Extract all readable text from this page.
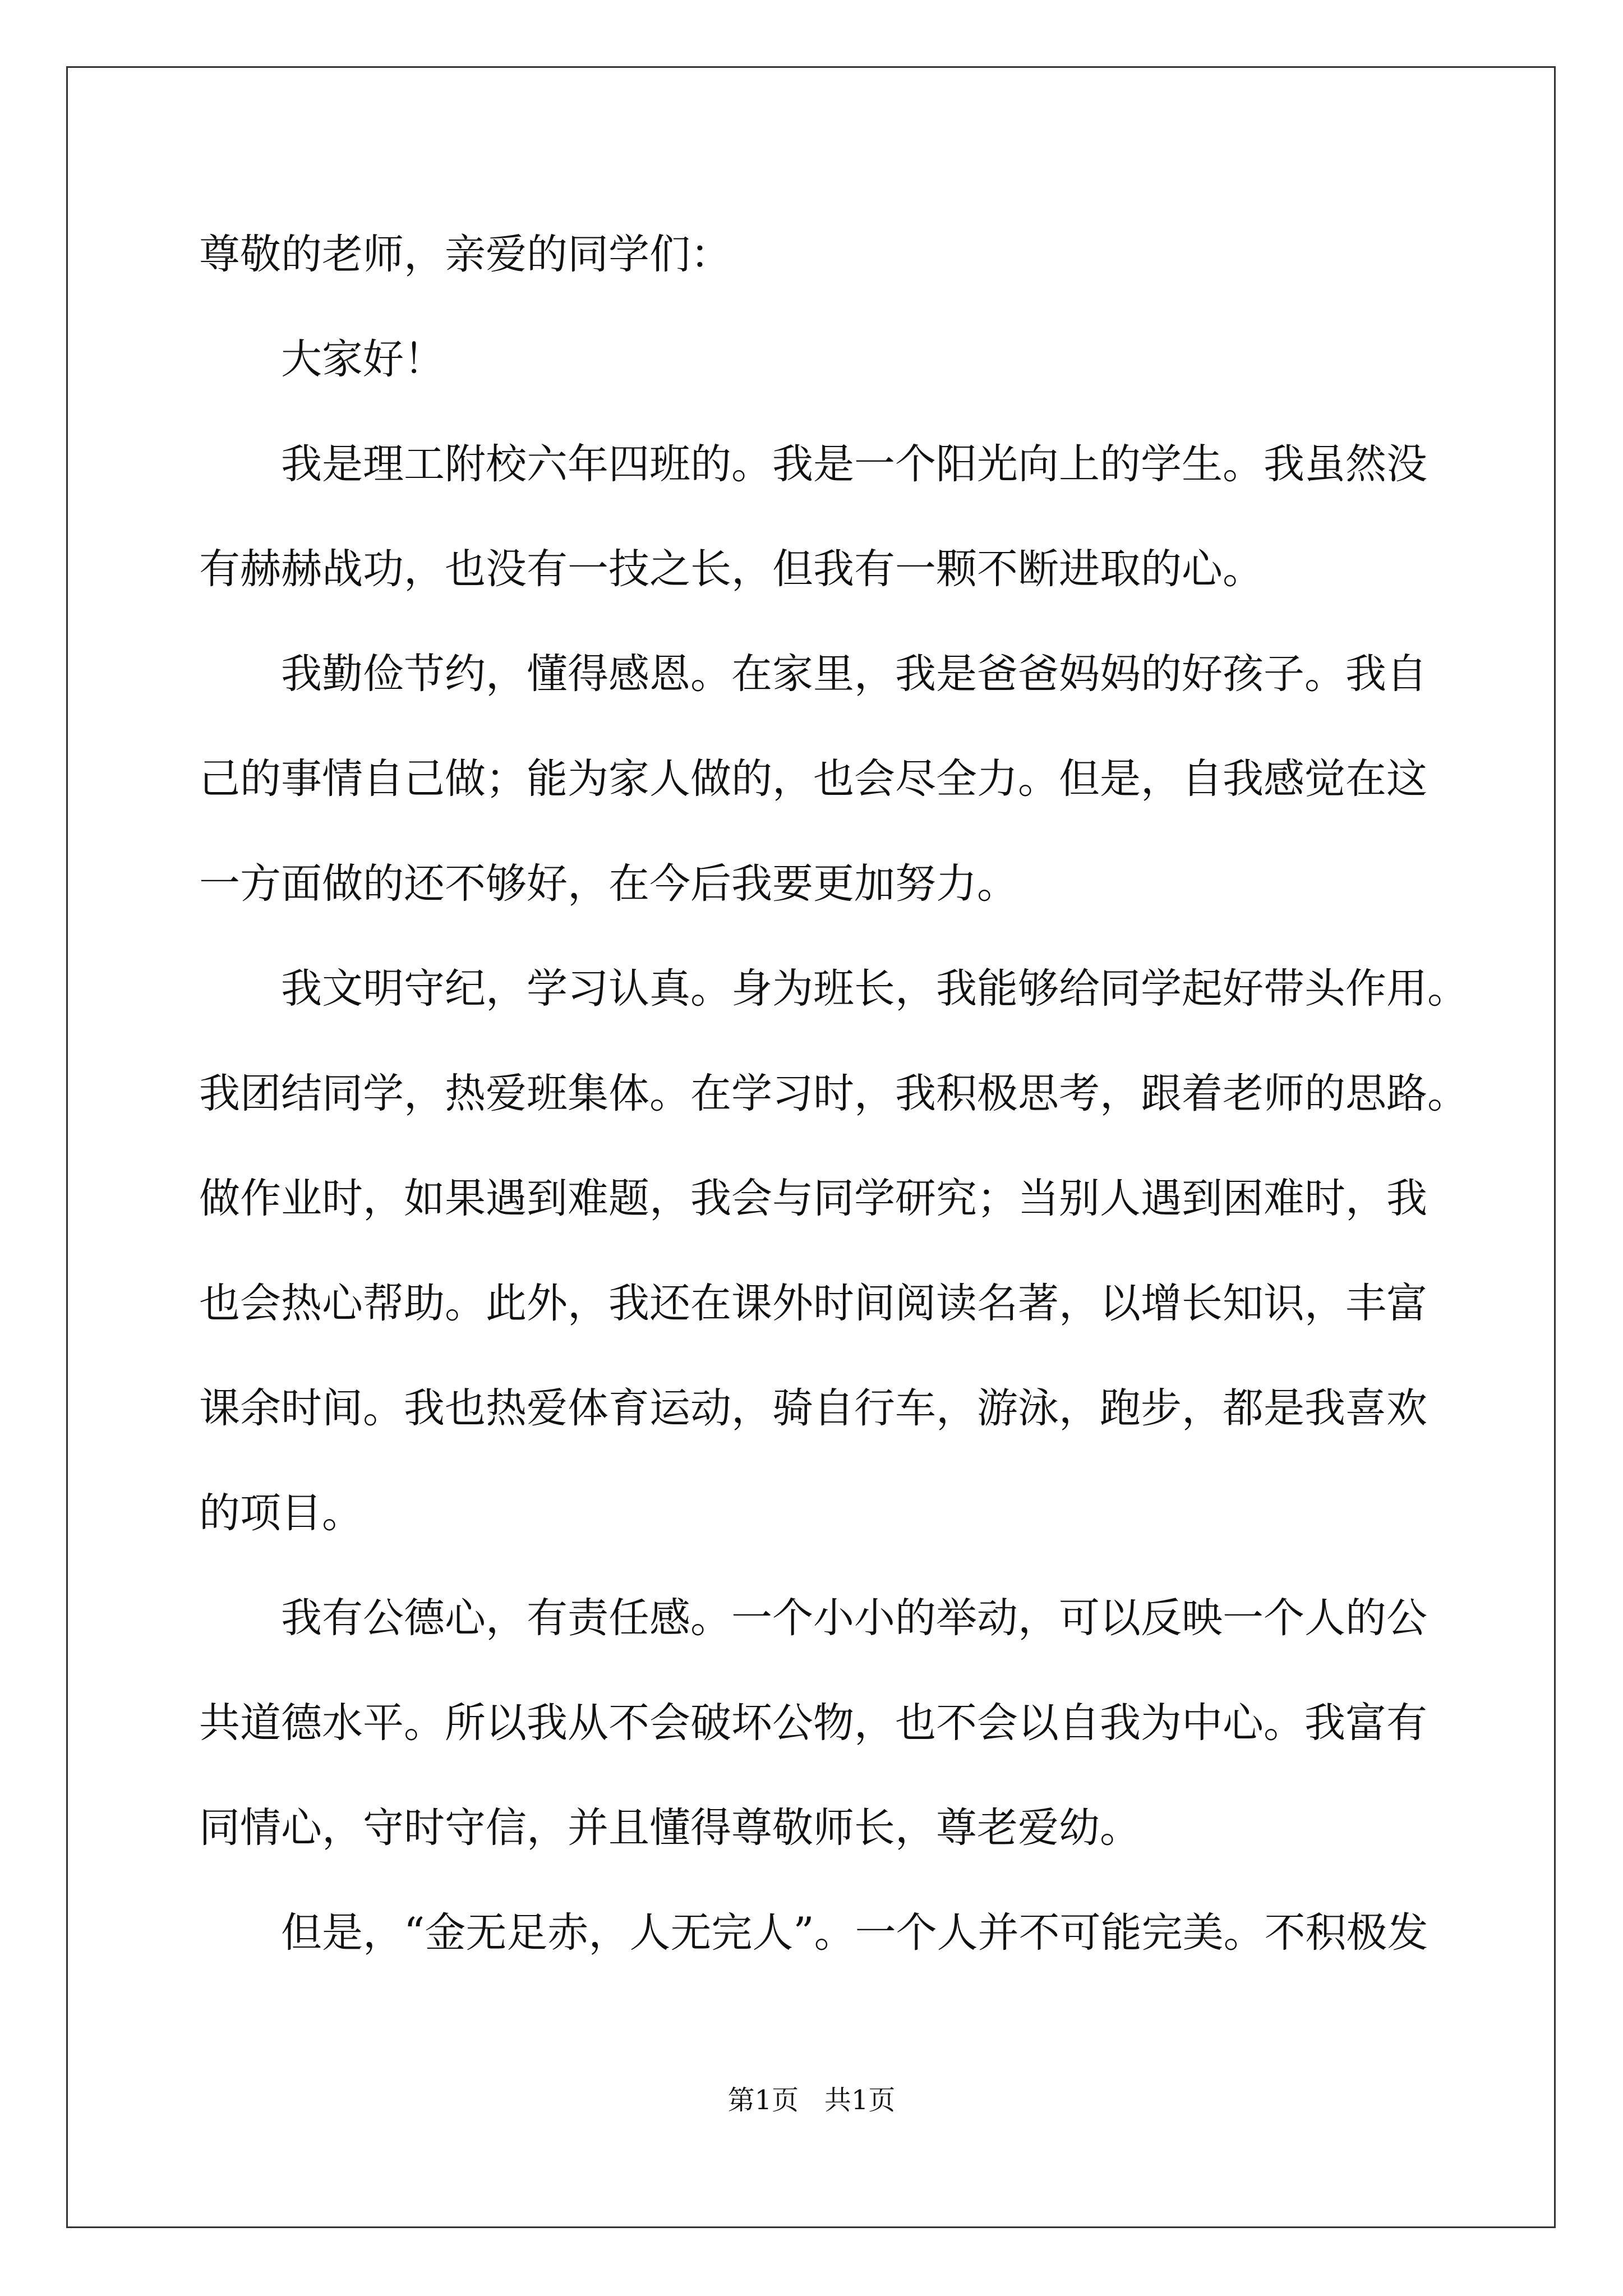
尊敬的老师，亲爱的同学们：

大家好！

我是理工附校六年四班的。我是一个阳光向上的学生。我虽然没

有赫赫战功，也没有一技之长，但我有一颗不断进取的心。

我勤俭节约，懂得感恩。在家里，我是爸爸妈妈的好孩子。我自

己的事情自己做；能为家人做的，也会尽全力。但是，自我感觉在这

一方面做的还不够好，在今后我要更加努力。

我文明守纪，学习认真。身为班长，我能够给同学起好带头作用。

我团结同学，热爱班集体。在学习时，我积极思考，跟着老师的思路。

做作业时，如果遇到难题，我会与同学研究；当别人遇到困难时，我

也会热心帮助。此外，我还在课外时间阅读名著，以增长知识，丰富

课余时间。我也热爱体育运动，骑自行车，游泳，跑步，都是我喜欢

的项目。

我有公德心，有责任感。一个小小的举动，可以反映一个人的公

共道德水平。所以我从不会破坏公物，也不会以自我为中心。我富有

同情心，守时守信，并且懂得尊敬师长，尊老爱幼。

但是，“金无足赤，人无完人”。一个人并不可能完美。不积极发

第1页   共1页
